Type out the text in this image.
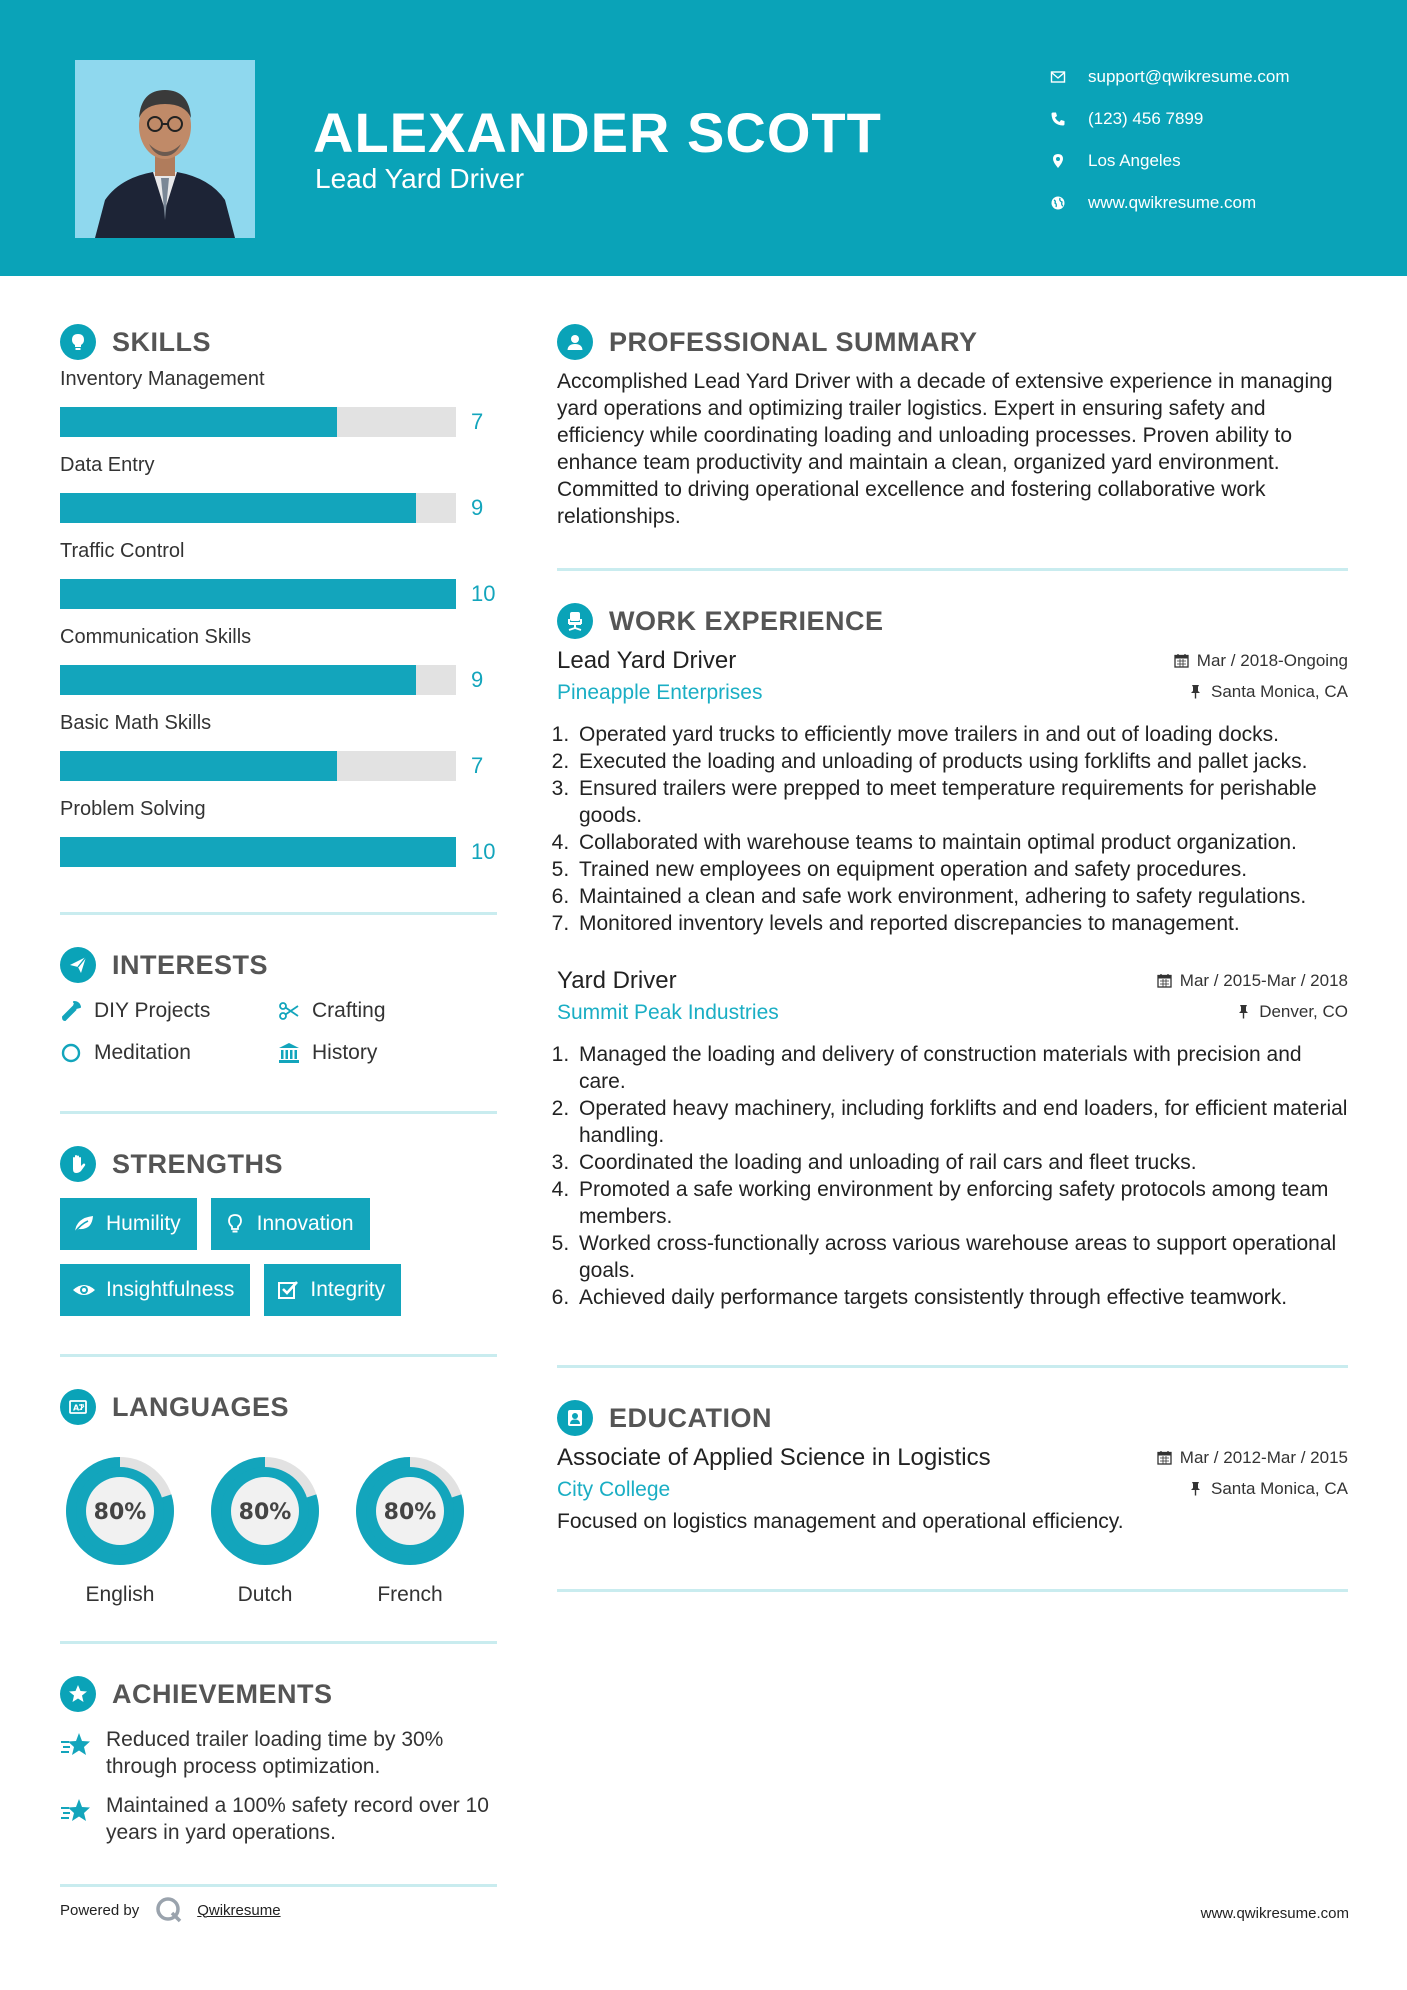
ALEXANDER SCOTT
Lead Yard Driver
support@qwikresume.com
(123) 456 7899
Los Angeles
www.qwikresume.com
SKILLS
Inventory Management
7
Data Entry
9
Traffic Control
10
Communication Skills
9
Basic Math Skills
7
Problem Solving
10
INTERESTS
DIY Projects	Crafting
Meditation	History
STRENGTHS
Humility	Innovation
Insightfulness	Integrity
A LANGUAGES
80%
English
80%
Dutch
80%
French
ACHIEVEMENTS
Reduced trailer loading time by 30% through process optimization.
Maintained a 100% safety record over 10 years in yard operations.
PROFESSIONAL SUMMARY
Accomplished Lead Yard Driver with a decade of extensive experience in managing yard operations and optimizing trailer logistics. Expert in ensuring safety and efficiency while coordinating loading and unloading processes. Proven ability to enhance team productivity and maintain a clean, organized yard environment. Committed to driving operational excellence and fostering collaborative work relationships.
WORK EXPERIENCE
Lead Yard Driver	Mar / 2018-Ongoing
Pineapple Enterprises	Santa Monica, CA
1. Operated yard trucks to efficiently move trailers in and out of loading docks.
2. Executed the loading and unloading of products using forklifts and pallet jacks.
3. Ensured trailers were prepped to meet temperature requirements for perishable goods.
4. Collaborated with warehouse teams to maintain optimal product organization.
5. Trained new employees on equipment operation and safety procedures.
6. Maintained a clean and safe work environment, adhering to safety regulations.
7. Monitored inventory levels and reported discrepancies to management.
Yard Driver	Mar / 2015-Mar / 2018
Summit Peak Industries	Denver, CO
1. Managed the loading and delivery of construction materials with precision and care.
2. Operated heavy machinery, including forklifts and end loaders, for efficient material handling.
3. Coordinated the loading and unloading of rail cars and fleet trucks.
4. Promoted a safe working environment by enforcing safety protocols among team members.
5. Worked cross-functionally across various warehouse areas to support operational goals.
6. Achieved daily performance targets consistently through effective teamwork.
EDUCATION
Associate of Applied Science in Logistics	Mar / 2012-Mar / 2015
City College	Santa Monica, CA
Focused on logistics management and operational efficiency.
Powered by	Qwikresume	www.qwikresume.com
